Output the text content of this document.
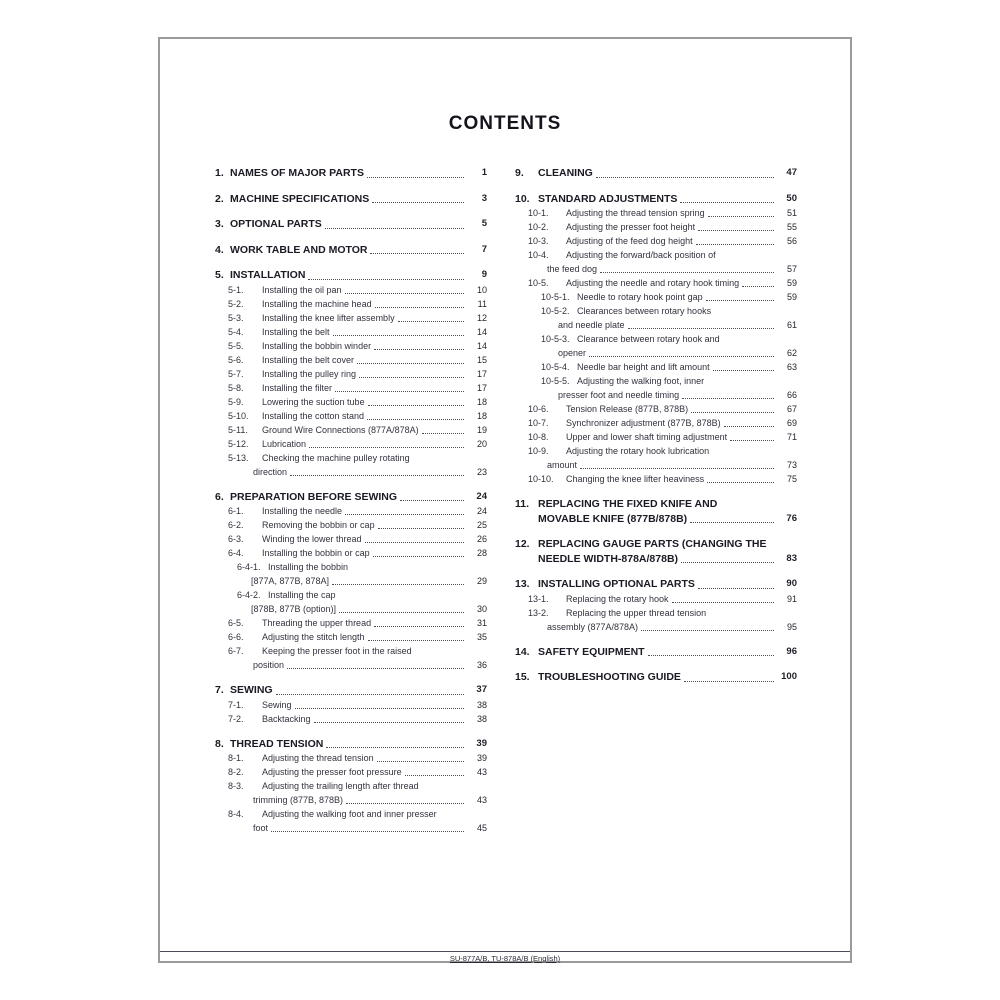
CONTENTS
1. NAMES OF MAJOR PARTS	1
2. MACHINE SPECIFICATIONS	3
3. OPTIONAL PARTS	5
4. WORK TABLE AND MOTOR	7
5. INSTALLATION	9
5-1.	Installing the oil pan	10
5-2.	Installing the machine head	11
5-3.	Installing the knee lifter assembly	12
5-4.	Installing the belt	14
5-5.	Installing the bobbin winder	14
5-6.	Installing the belt cover	15
5-7.	Installing the pulley ring	17
5-8.	Installing the filter	17
5-9.	Lowering the suction tube	18
5-10.	Installing the cotton stand	18
5-11.	Ground Wire Connections (877A/878A)	19
5-12.	Lubrication	20
5-13.	Checking the machine pulley rotating
direction	23
6. PREPARATION BEFORE SEWING	24
6-1.	Installing the needle	24
6-2.	Removing the bobbin or cap	25
6-3.	Winding the lower thread	26
6-4.	Installing the bobbin or cap	28
6-4-1. Installing the bobbin
[877A, 877B, 878A]	29
6-4-2. Installing the cap
[878B, 877B (option)]	30
6-5.	Threading the upper thread	31
6-6.	Adjusting the stitch length	35
6-7.	Keeping the presser foot in the raised
position	36
7. SEWING	37
7-1.	Sewing	38
7-2.	Backtacking	38
8. THREAD TENSION	39
8-1.	Adjusting the thread tension	39
8-2.	Adjusting the presser foot pressure	43
8-3.	Adjusting the trailing length after thread
trimming (877B, 878B)	43
8-4.	Adjusting the walking foot and inner presser
foot	45
9.	CLEANING	47
10. STANDARD ADJUSTMENTS	50
10-1.	Adjusting the thread tension spring	51
10-2.	Adjusting the presser foot height	55
10-3.	Adjusting of the feed dog height	56
10-4.	Adjusting the forward/back position of
the feed dog	57
10-5.	Adjusting the needle and rotary hook timing	59
10-5-1. Needle to rotary hook point gap	59
10-5-2. Clearances between rotary hooks
and needle plate	61
10-5-3. Clearance between rotary hook and
opener	62
10-5-4. Needle bar height and lift amount	63
10-5-5. Adjusting the walking foot, inner
presser foot and needle timing	66
10-6.	Tension Release (877B, 878B)	67
10-7.	Synchronizer adjustment (877B, 878B)	69
10-8.	Upper and lower shaft timing adjustment	71
10-9.	Adjusting the rotary hook lubrication
amount	73
10-10.	Changing the knee lifter heaviness	75
11. REPLACING THE FIXED KNIFE AND
MOVABLE KNIFE (877B/878B)	76
12. REPLACING GAUGE PARTS (CHANGING THE
NEEDLE WIDTH-878A/878B)	83
13. INSTALLING OPTIONAL PARTS	90
13-1.	Replacing the rotary hook	91
13-2.	Replacing the upper thread tension
assembly (877A/878A)	95
14. SAFETY EQUIPMENT	96
15. TROUBLESHOOTING GUIDE	100
SU-877A/B, TU-878A/B (English)
